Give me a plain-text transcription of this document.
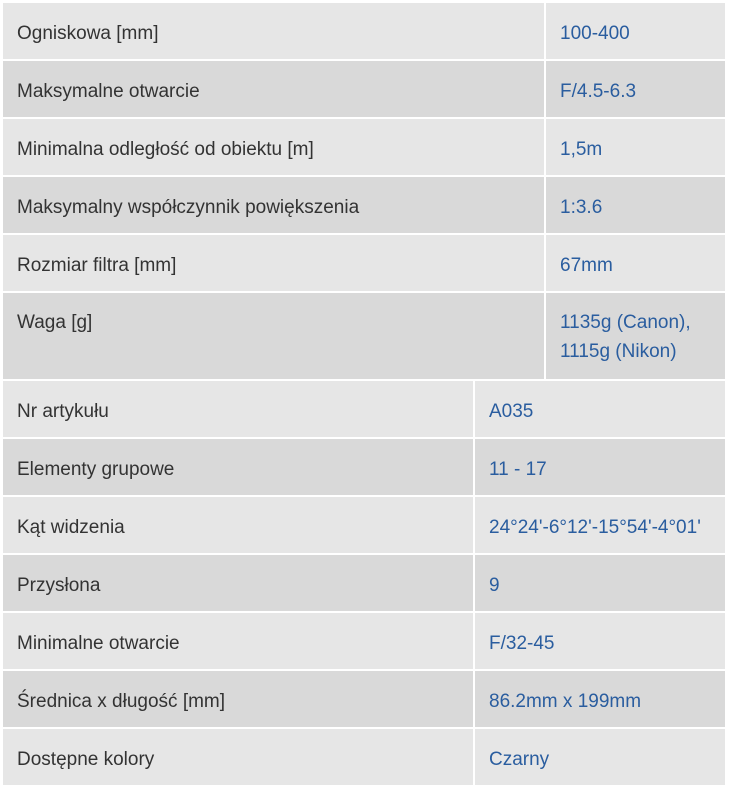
Ogniskowa [mm]	100-400
Maksymalne otwarcie	F/4.5-6.3
Minimalna odległość od obiektu [m]	1,5m
Maksymalny współczynnik powiększenia	1:3.6
Rozmiar filtra [mm]	67mm
Waga [g]	1135g (Canon),
1115g (Nikon)
Nr artykułu	A035
Elementy grupowe	11 - 17
Kąt widzenia	24°24'-6°12'-15°54'-4°01'
Przysłona	9
Minimalne otwarcie	F/32-45
Średnica x długość [mm]	86.2mm x 199mm
Dostępne kolory	Czarny
